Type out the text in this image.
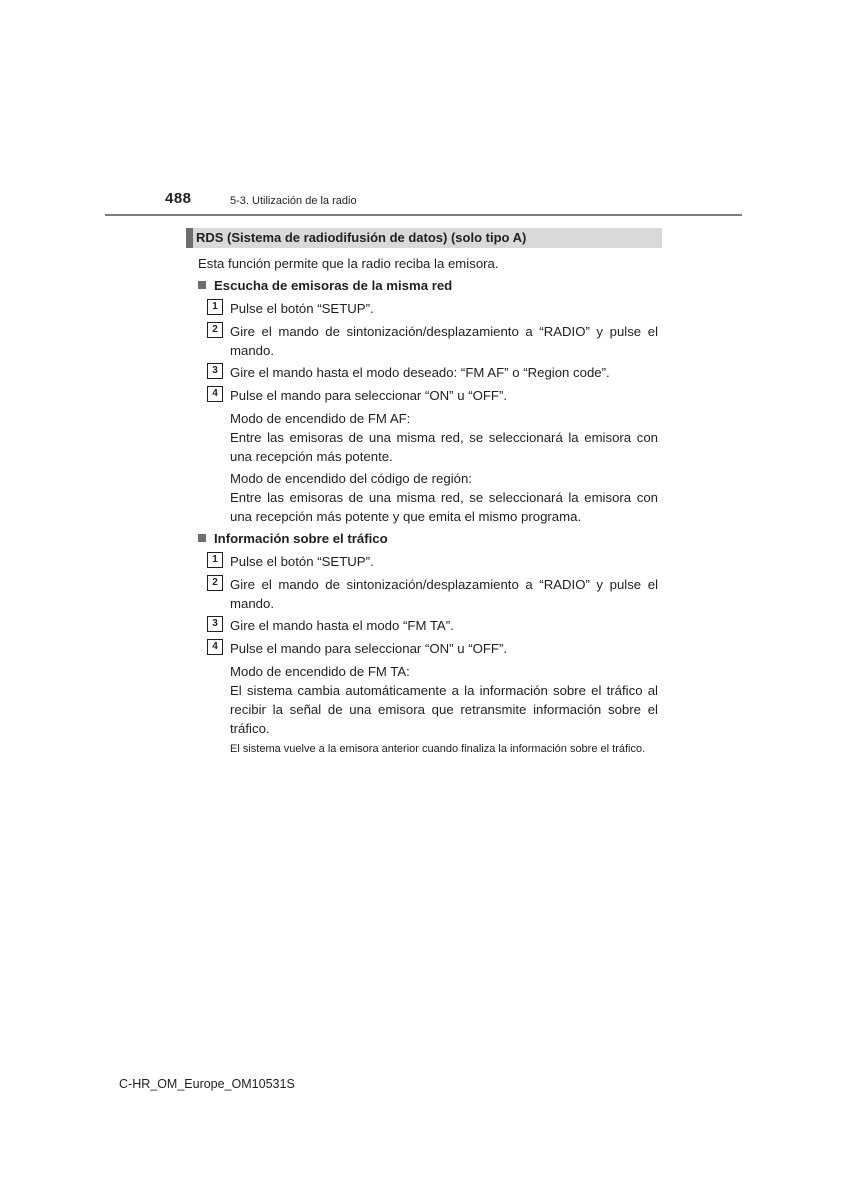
488	5-3. Utilización de la radio
RDS (Sistema de radiodifusión de datos) (solo tipo A)
Esta función permite que la radio reciba la emisora.
Escucha de emisoras de la misma red
1 Pulse el botón “SETUP”.
2 Gire el mando de sintonización/desplazamiento a “RADIO” y pulse el mando.
3 Gire el mando hasta el modo deseado: “FM AF” o “Region code”.
4 Pulse el mando para seleccionar “ON” u “OFF”.
Modo de encendido de FM AF:
Entre las emisoras de una misma red, se seleccionará la emisora con una recepción más potente.
Modo de encendido del código de región:
Entre las emisoras de una misma red, se seleccionará la emisora con una recepción más potente y que emita el mismo programa.
Información sobre el tráfico
1 Pulse el botón “SETUP”.
2 Gire el mando de sintonización/desplazamiento a “RADIO” y pulse el mando.
3 Gire el mando hasta el modo “FM TA”.
4 Pulse el mando para seleccionar “ON” u “OFF”.
Modo de encendido de FM TA:
El sistema cambia automáticamente a la información sobre el tráfico al recibir la señal de una emisora que retransmite información sobre el tráfico.
El sistema vuelve a la emisora anterior cuando finaliza la información sobre el tráfico.
C-HR_OM_Europe_OM10531S
